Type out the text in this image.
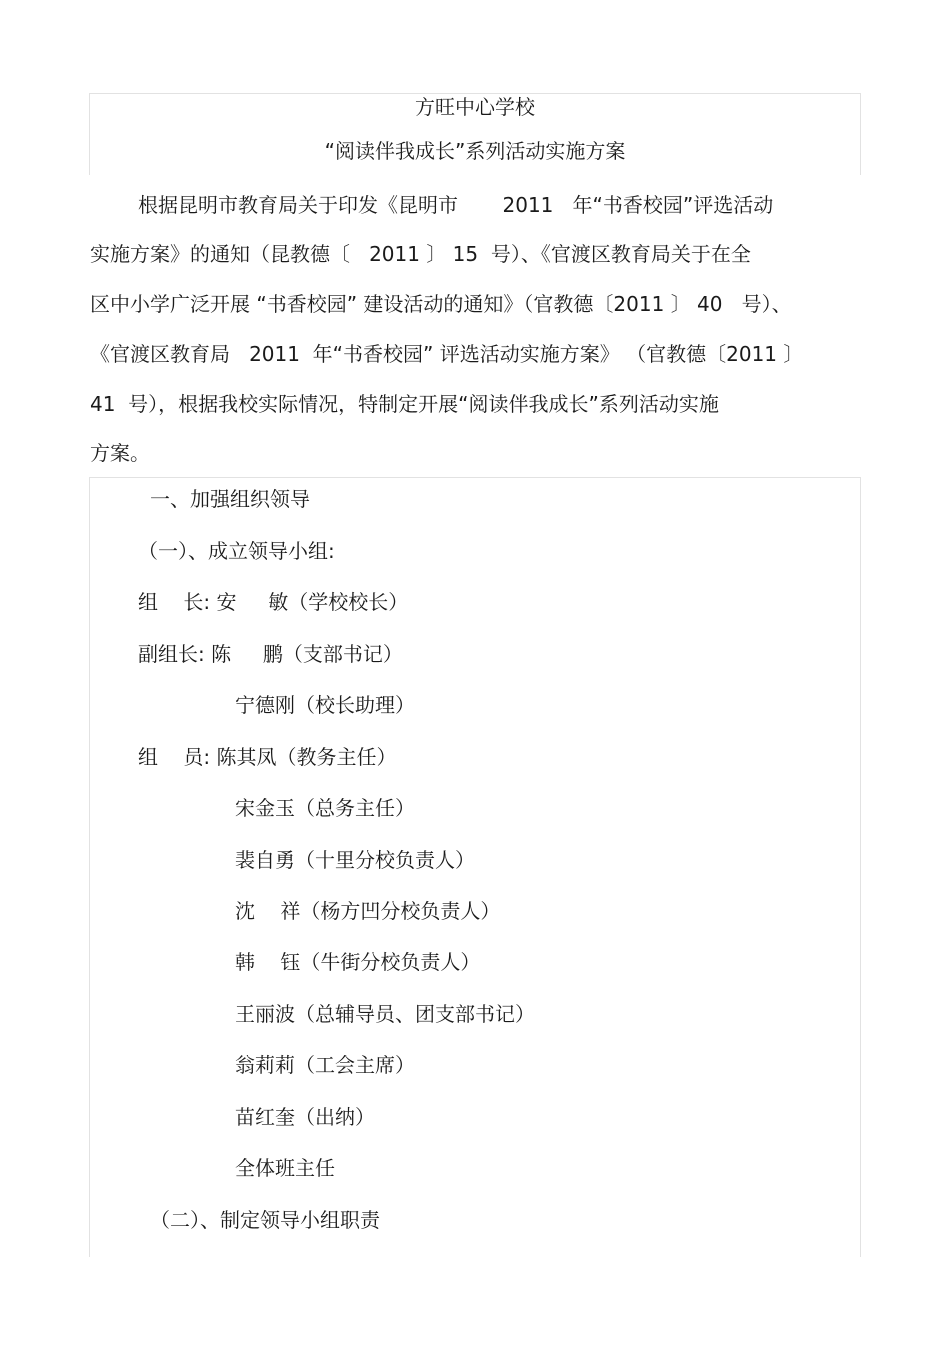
方旺中心学校
“阅读伴我成长”系列活动实施方案
根据昆明市教育局关于印发《昆明市       2011   年“书香校园”评选活动
实施方案》的通知（昆教德〔   2011 〕 15  号）、《官渡区教育局关于在全
区中小学广泛开展 “书香校园” 建设活动的通知》（官教德〔2011 〕 40   号）、
《官渡区教育局   2011  年“书香校园” 评选活动实施方案》 （官教德〔2011 〕
41  号），根据我校实际情况，特制定开展“阅读伴我成长”系列活动实施
方案。
一、加强组织领导
（一）、成立领导小组:
组    长: 安     敏（学校校长）
副组长: 陈     鹏（支部书记）
宁德刚（校长助理）
组    员: 陈其凤（教务主任）
宋金玉（总务主任）
裴自勇（十里分校负责人）
沈    祥（杨方凹分校负责人）
韩    钰（牛街分校负责人）
王丽波（总辅导员、团支部书记）
翁莉莉（工会主席）
苗红奎（出纳）
全体班主任
（二）、制定领导小组职责
